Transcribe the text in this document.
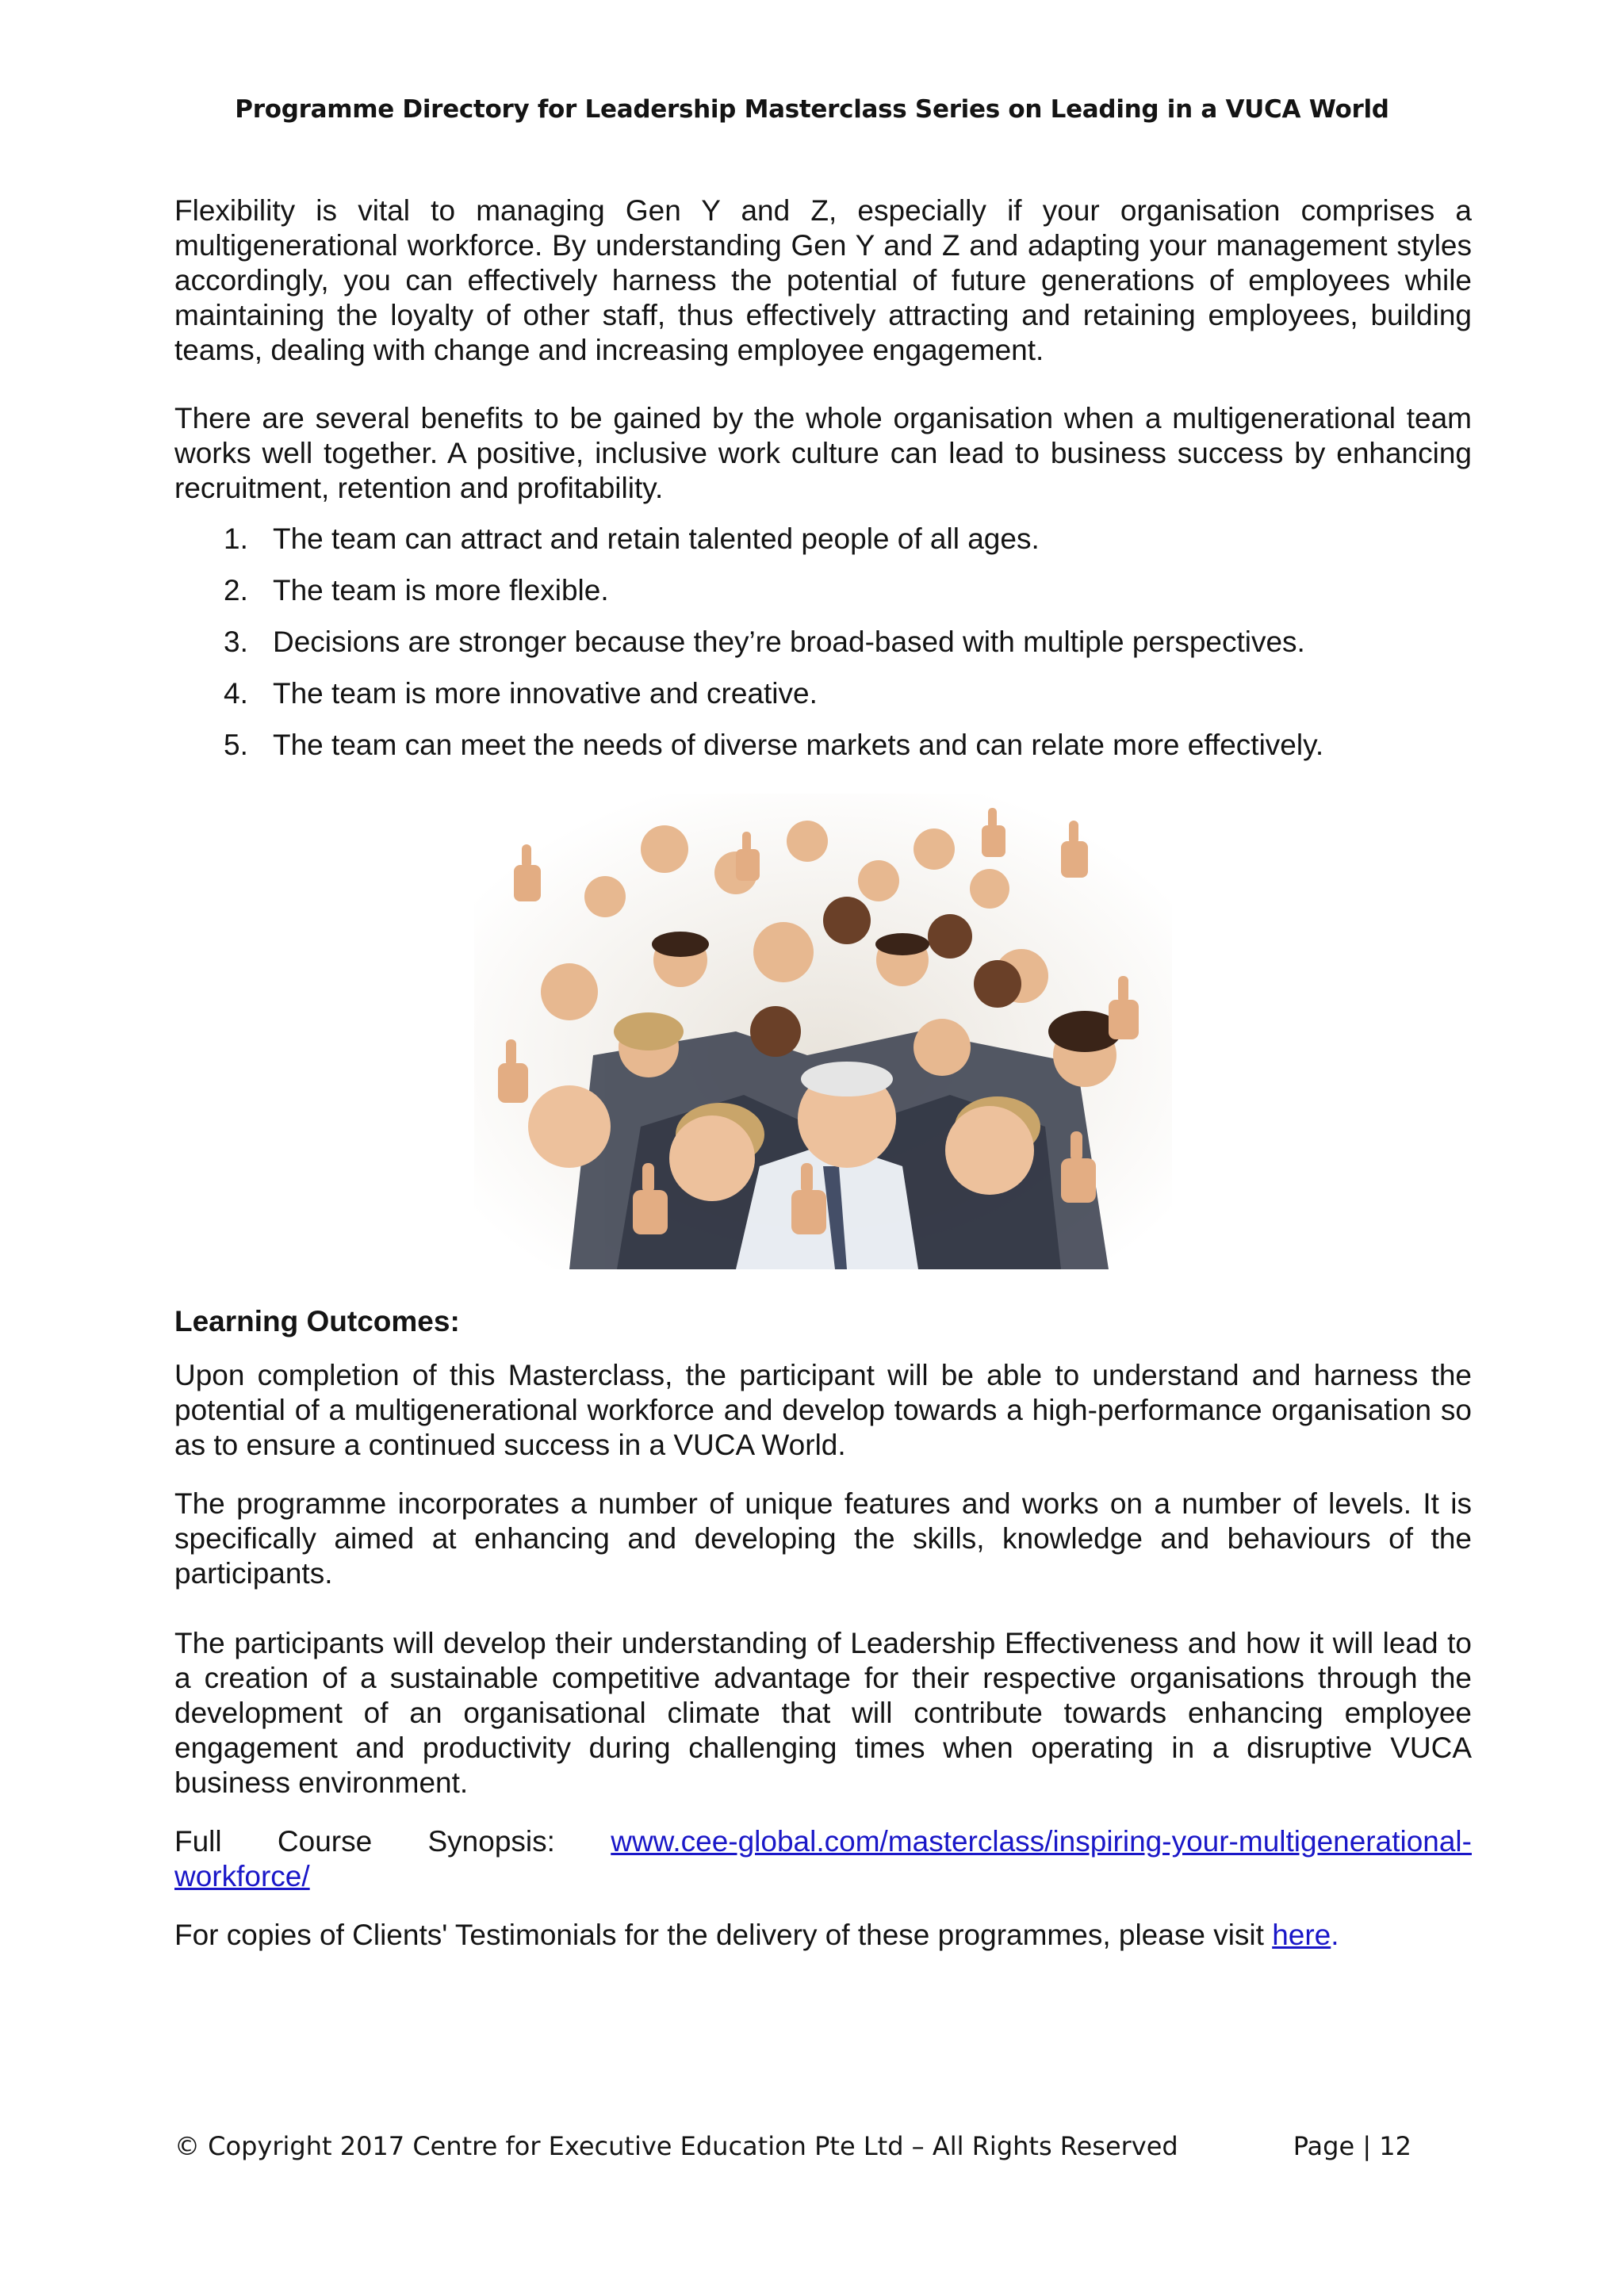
Programme Directory for Leadership Masterclass Series on Leading in a VUCA World

Flexibility is vital to managing Gen Y and Z, especially if your organisation comprises a multigenerational workforce. By understanding Gen Y and Z and adapting your management styles accordingly, you can effectively harness the potential of future generations of employees while maintaining the loyalty of other staff, thus effectively attracting and retaining employees, building teams, dealing with change and increasing employee engagement.

There are several benefits to be gained by the whole organisation when a multigenerational team works well together. A positive, inclusive work culture can lead to business success by enhancing recruitment, retention and profitability.

1. The team can attract and retain talented people of all ages.
2. The team is more flexible.
3. Decisions are stronger because they’re broad-based with multiple perspectives.
4. The team is more innovative and creative.
5. The team can meet the needs of diverse markets and can relate more effectively.

Learning Outcomes:

Upon completion of this Masterclass, the participant will be able to understand and harness the potential of a multigenerational workforce and develop towards a high-performance organisation so as to ensure a continued success in a VUCA World.

The programme incorporates a number of unique features and works on a number of levels. It is specifically aimed at enhancing and developing the skills, knowledge and behaviours of the participants.

The participants will develop their understanding of Leadership Effectiveness and how it will lead to a creation of a sustainable competitive advantage for their respective organisations through the development of an organisational climate that will contribute towards enhancing employee engagement and productivity during challenging times when operating in a disruptive VUCA business environment.

Full Course Synopsis: www.cee-global.com/masterclass/inspiring-your-multigenerational-
workforce/

For copies of Clients' Testimonials for the delivery of these programmes, please visit here.

© Copyright 2017 Centre for Executive Education Pte Ltd – All Rights Reserved	Page | 12
